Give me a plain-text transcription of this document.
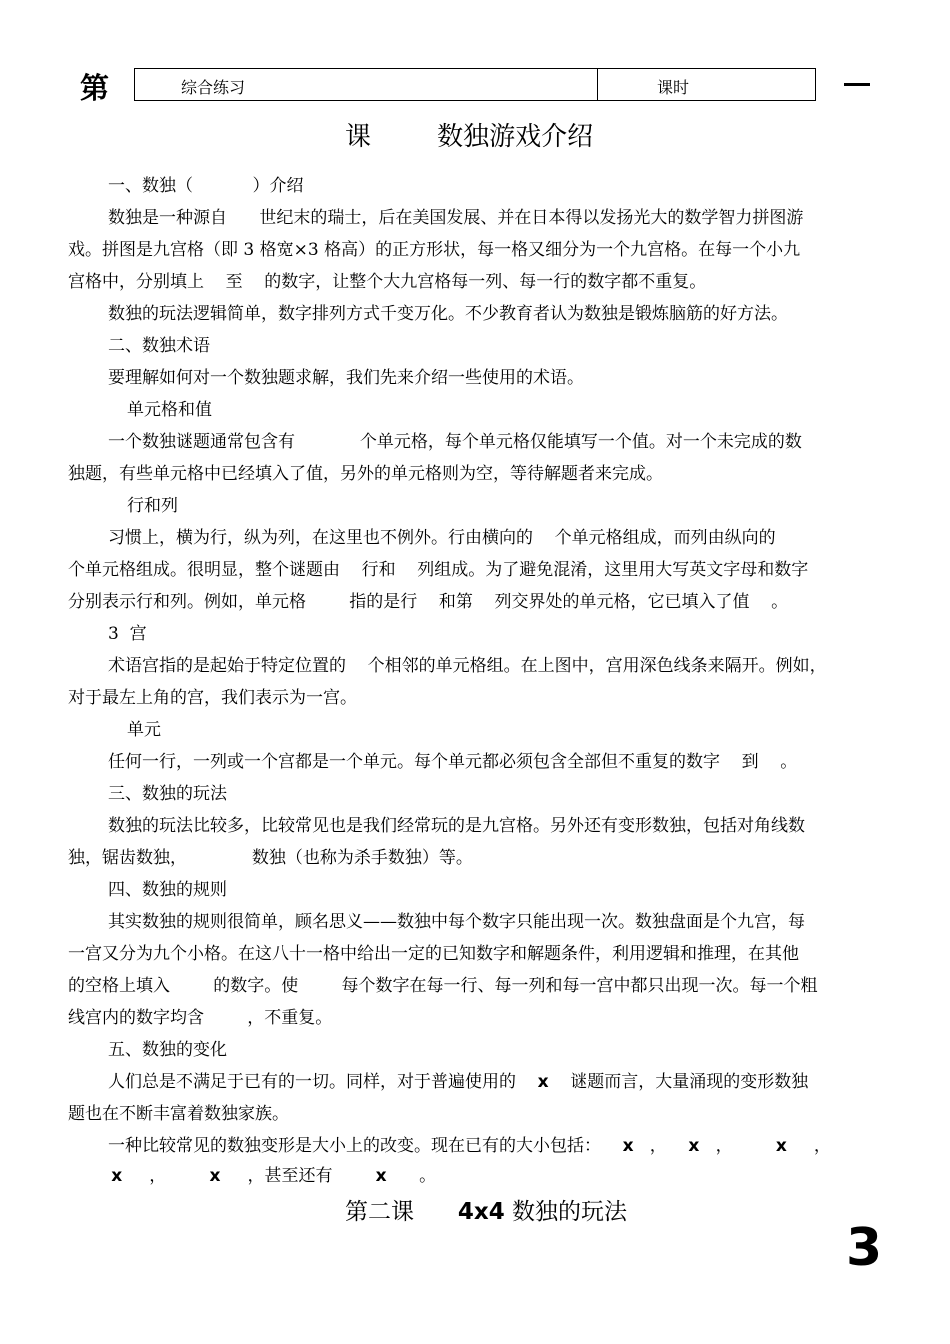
第	综合练习	课时
课        数独游戏介绍
一、数独（           ）介绍
数独是一种源自      世纪末的瑞士，后在美国发展、并在日本得以发扬光大的数学智力拼图游
戏。拼图是九宫格（即 3 格宽×3 格高）的正方形状，每一格又细分为一个九宫格。在每一个小九
宫格中，分别填上    至    的数字，让整个大九宫格每一列、每一行的数字都不重复。
数独的玩法逻辑简单，数字排列方式千变万化。不少教育者认为数独是锻炼脑筋的好方法。
二、数独术语
要理解如何对一个数独题求解，我们先来介绍一些使用的术语。
单元格和值
一个数独谜题通常包含有            个单元格，每个单元格仅能填写一个值。对一个未完成的数
独题，有些单元格中已经填入了值，另外的单元格则为空，等待解题者来完成。
行和列
习惯上，横为行，纵为列，在这里也不例外。行由横向的    个单元格组成，而列由纵向的
个单元格组成。很明显，整个谜题由    行和    列组成。为了避免混淆，这里用大写英文字母和数字
分别表示行和列。例如，单元格        指的是行    和第    列交界处的单元格，它已填入了值    。
3  宫
术语宫指的是起始于特定位置的    个相邻的单元格组。在上图中，宫用深色线条来隔开。例如，
对于最左上角的宫，我们表示为一宫。
单元
任何一行，一列或一个宫都是一个单元。每个单元都必须包含全部但不重复的数字    到    。
三、数独的玩法
数独的玩法比较多，比较常见也是我们经常玩的是九宫格。另外还有变形数独，包括对角线数
独，锯齿数独，            数独（也称为杀手数独）等。
四、数独的规则
其实数独的规则很简单，顾名思义——数独中每个数字只能出现一次。数独盘面是个九宫，每
一宫又分为九个小格。在这八十一格中给出一定的已知数字和解题条件，利用逻辑和推理，在其他
的空格上填入        的数字。使        每个数字在每一行、每一列和每一宫中都只出现一次。每一个粗
线宫内的数字均含        ，不重复。
五、数独的变化
人们总是不满足于已有的一切。同样，对于普遍使用的    x    谜题而言，大量涌现的变形数独
题也在不断丰富着数独家族。
一种比较常见的数独变形是大小上的改变。现在已有的大小包括：    x   ，    x   ，        x     ，
x     ，        x     ，甚至还有        x      。
第二课      4x4 数独的玩法
3
